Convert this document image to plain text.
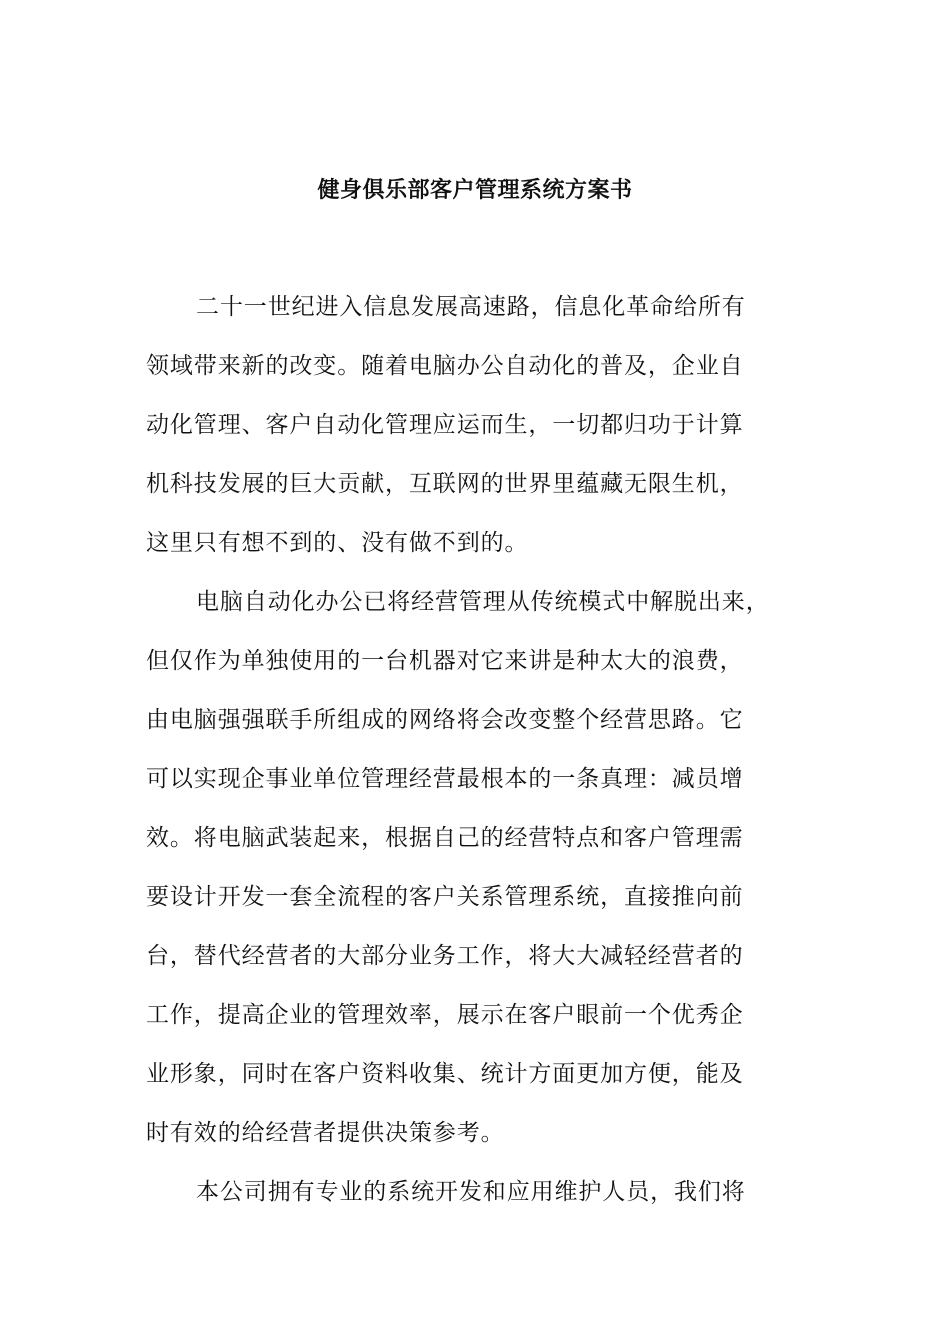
健身俱乐部客户管理系统方案书
二十一世纪进入信息发展高速路，信息化革命给所有
领域带来新的改变。随着电脑办公自动化的普及，企业自
动化管理、客户自动化管理应运而生，一切都归功于计算
机科技发展的巨大贡献，互联网的世界里蕴藏无限生机，
这里只有想不到的、没有做不到的。
电脑自动化办公已将经营管理从传统模式中解脱出来，
但仅作为单独使用的一台机器对它来讲是种太大的浪费，
由电脑强强联手所组成的网络将会改变整个经营思路。它
可以实现企事业单位管理经营最根本的一条真理：减员增
效。将电脑武装起来，根据自己的经营特点和客户管理需
要设计开发一套全流程的客户关系管理系统，直接推向前
台，替代经营者的大部分业务工作，将大大减轻经营者的
工作，提高企业的管理效率，展示在客户眼前一个优秀企
业形象，同时在客户资料收集、统计方面更加方便，能及
时有效的给经营者提供决策参考。
本公司拥有专业的系统开发和应用维护人员，我们将
